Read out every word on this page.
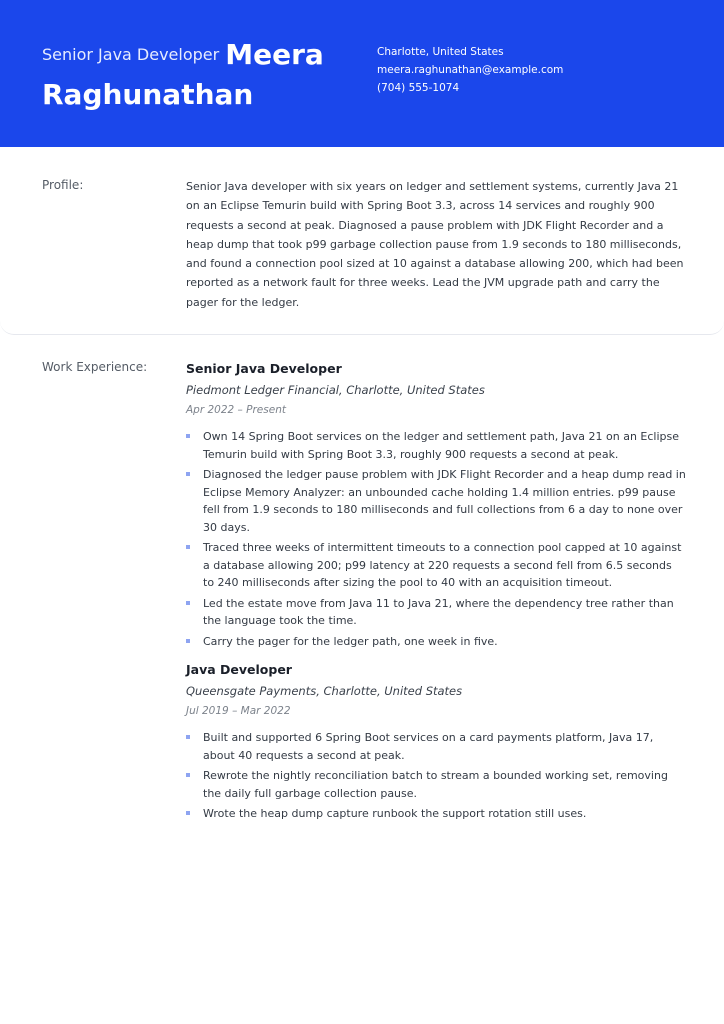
Senior Java Developer Meera
Raghunathan
Charlotte, United States
meera.raghunathan@example.com
(704) 555-1074
Profile:	Senior Java developer with six years on ledger and settlement systems, currently Java 21 on an Eclipse Temurin build with Spring Boot 3.3, across 14 services and roughly 900 requests a second at peak. Diagnosed a pause problem with JDK Flight Recorder and a heap dump that took p99 garbage collection pause from 1.9 seconds to 180 milliseconds, and found a connection pool sized at 10 against a database allowing 200, which had been reported as a network fault for three weeks. Lead the JVM upgrade path and carry the pager for the ledger.

Work Experience:	Senior Java Developer
Piedmont Ledger Financial, Charlotte, United States
Apr 2022 – Present
Own 14 Spring Boot services on the ledger and settlement path, Java 21 on an Eclipse Temurin build with Spring Boot 3.3, roughly 900 requests a second at peak.
Diagnosed the ledger pause problem with JDK Flight Recorder and a heap dump read in Eclipse Memory Analyzer: an unbounded cache holding 1.4 million entries. p99 pause fell from 1.9 seconds to 180 milliseconds and full collections from 6 a day to none over 30 days.
Traced three weeks of intermittent timeouts to a connection pool capped at 10 against a database allowing 200; p99 latency at 220 requests a second fell from 6.5 seconds to 240 milliseconds after sizing the pool to 40 with an acquisition timeout.
Led the estate move from Java 11 to Java 21, where the dependency tree rather than the language took the time.
Carry the pager for the ledger path, one week in five.
Java Developer
Queensgate Payments, Charlotte, United States
Jul 2019 – Mar 2022
Built and supported 6 Spring Boot services on a card payments platform, Java 17, about 40 requests a second at peak.
Rewrote the nightly reconciliation batch to stream a bounded working set, removing the daily full garbage collection pause.
Wrote the heap dump capture runbook the support rotation still uses.
